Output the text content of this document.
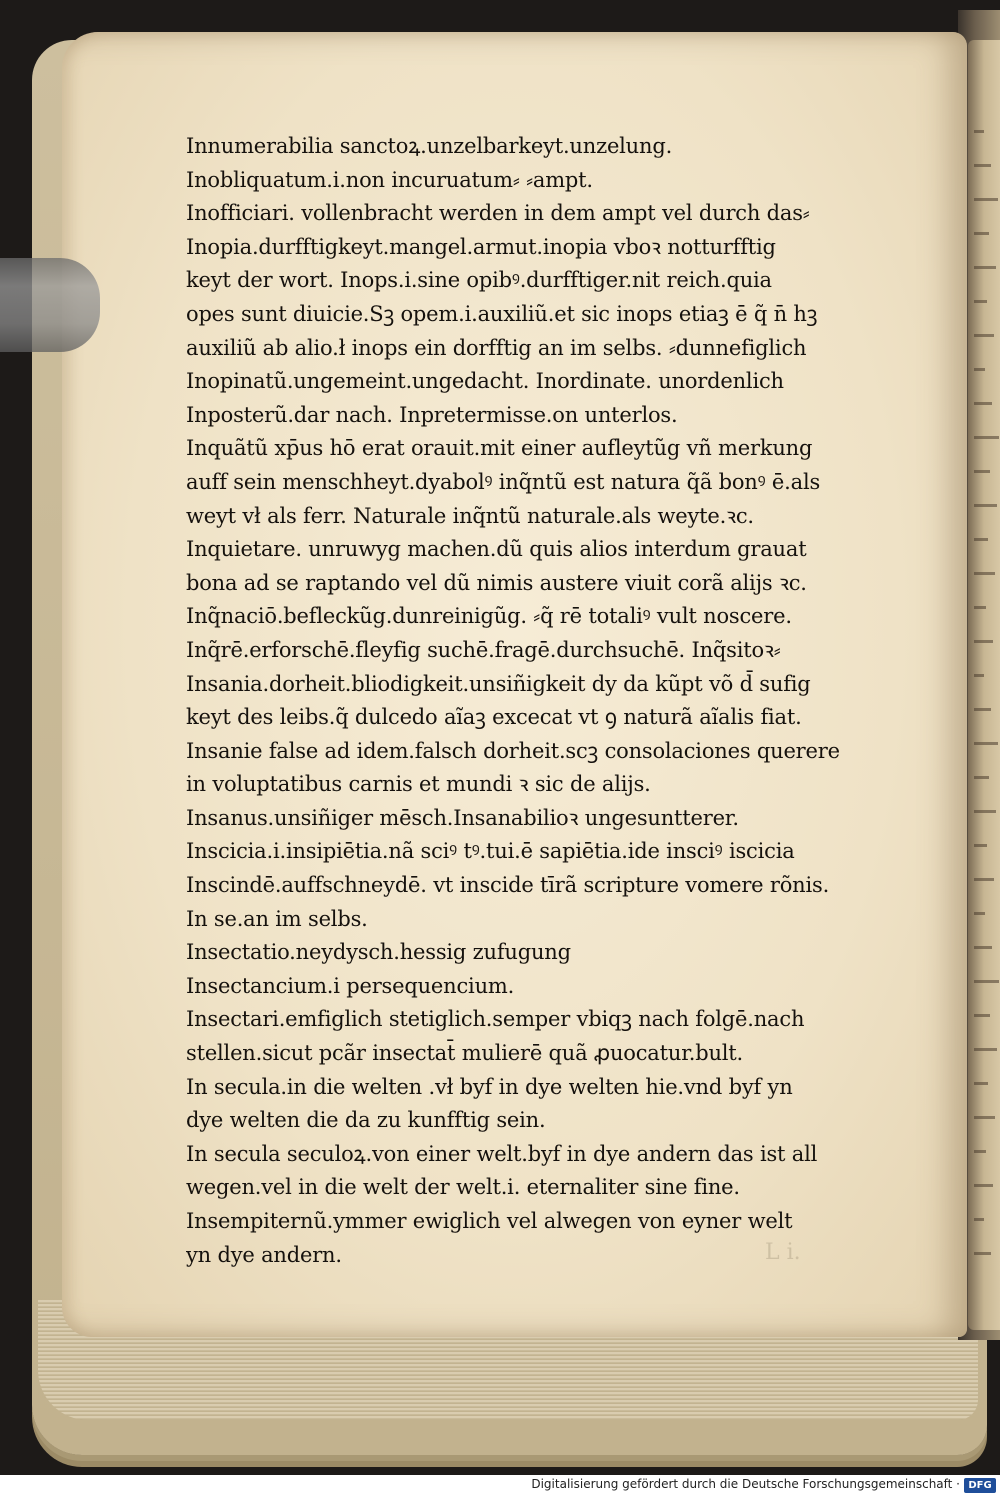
Innumerabilia sanctoꝝ.unzelbarkeyt.unzelung.
Inobliquatum.i.non incuruatum⸗ ⸗ampt.
Inofficiari. vollenbracht werden in dem ampt vel durch das⸗
Inopia.durfftigkeyt.mangel.armut.inopia vboꝛ notturfftig
keyt der wort. Inops.i.sine opibꝰ.durfftiger.nit reich.quia
opes sunt diuicie.Sꝫ opem.i.auxiliũ.et sic inops etiaꝫ ē q̃ n̄ hꝫ
auxiliũ ab alio.ł inops ein dorfftig an im selbs. ⸗dunnefiglich
Inopinatũ.ungemeint.ungedacht. Inordinate. unordenlich
Inposterũ.dar nach. Inpretermisse.on unterlos.
Inquãtũ xp̄us hō erat orauit.mit einer aufleytũg vñ merkung
auff sein menschheyt.dyabolꝰ inq̃ntũ est natura q̃ã bonꝰ ē.als
weyt vł als ferr. Naturale inq̃ntũ naturale.als weyte.ꝛc.
Inquietare. unruwyg machen.dũ quis alios interdum grauat
bona ad se raptando vel dũ nimis austere viuit corã alijs ꝛc.
Inq̃naciō.befleckũg.dunreinigũg. ⸗q̃ rē totaliꝰ vult noscere.
Inq̃rē.erforschē.fleyfig suchē.fragē.durchsuchē. Inq̃sitoꝛ⸗
Insania.dorheit.bliodigkeit.unsiñigkeit dy da kũpt võ d̄ sufig
keyt des leibs.q̃ dulcedo aĩaꝫ excecat vt ꝯ naturã aĩalis fiat.
Insanie false ad idem.falsch dorheit.scꝫ consolaciones querere
in voluptatibus carnis et mundi ꝛ sic de alijs.
Insanus.unsiñiger mēsch.Insanabilioꝛ ungesuntterer.
Insciciа.i.insipiētia.nã sciꝰ tꝰ.tui.ē sapiētia.ide insciꝰ isciciа
Inscindē.auffschneydē. vt inscide tīrã scripture vomere rõnis.
In se.an im selbs.
Insectatio.neydysch.hessig zufugung
Insectancium.i persequencium.
Insectari.emfiglich stetiglich.semper vbiqꝫ nach folgē.nach
stellen.sicut pcãr insectat̄ mulierē quã ꝓuocatur.bult.
In secula.in die welten .vł byf in dye welten hie.vnd byf yn
dye welten die da zu kunfftig sein.
In secula seculoꝝ.von einer welt.byf in dye andern das ist all
wegen.vel in die welt der welt.i. eternaliter sine fine.
Insempiternũ.ymmer ewiglich vel alwegen von eyner welt
yn dye andern.	L i.
Digitalisierung gefördert durch die Deutsche Forschungsgemeinschaft · DFG
